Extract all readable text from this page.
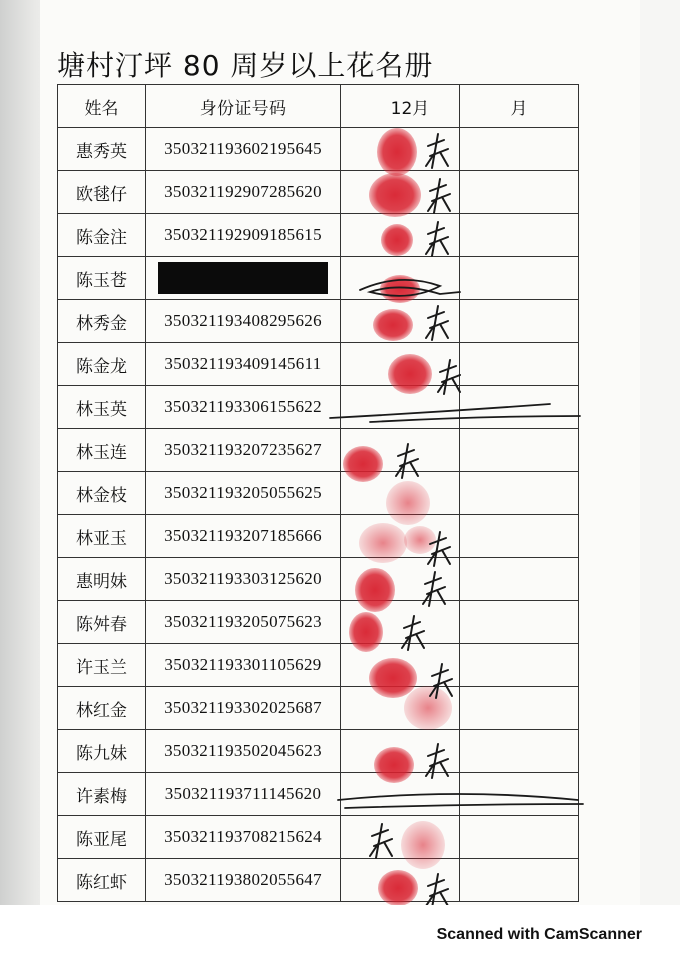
塘村汀坪 80 周岁以上花名册
姓名	身份证号码	12月	月
惠秀英	350321193602195645		
欧毬仔	350321192907285620		
陈金注	350321192909185615		
陈玉苍			
林秀金	350321193408295626		
陈金龙	350321193409145611		
林玉英	350321193306155622		
林玉连	350321193207235627		
林金枝	350321193205055625		
林亚玉	350321193207185666		
惠明妹	350321193303125620		
陈舛春	350321193205075623		
许玉兰	350321193301105629		
林红金	350321193302025687		
陈九妹	350321193502045623		
许素梅	350321193711145620		
陈亚尾	350321193708215624		
陈红虾	350321193802055647		
Scanned with CamScanner
